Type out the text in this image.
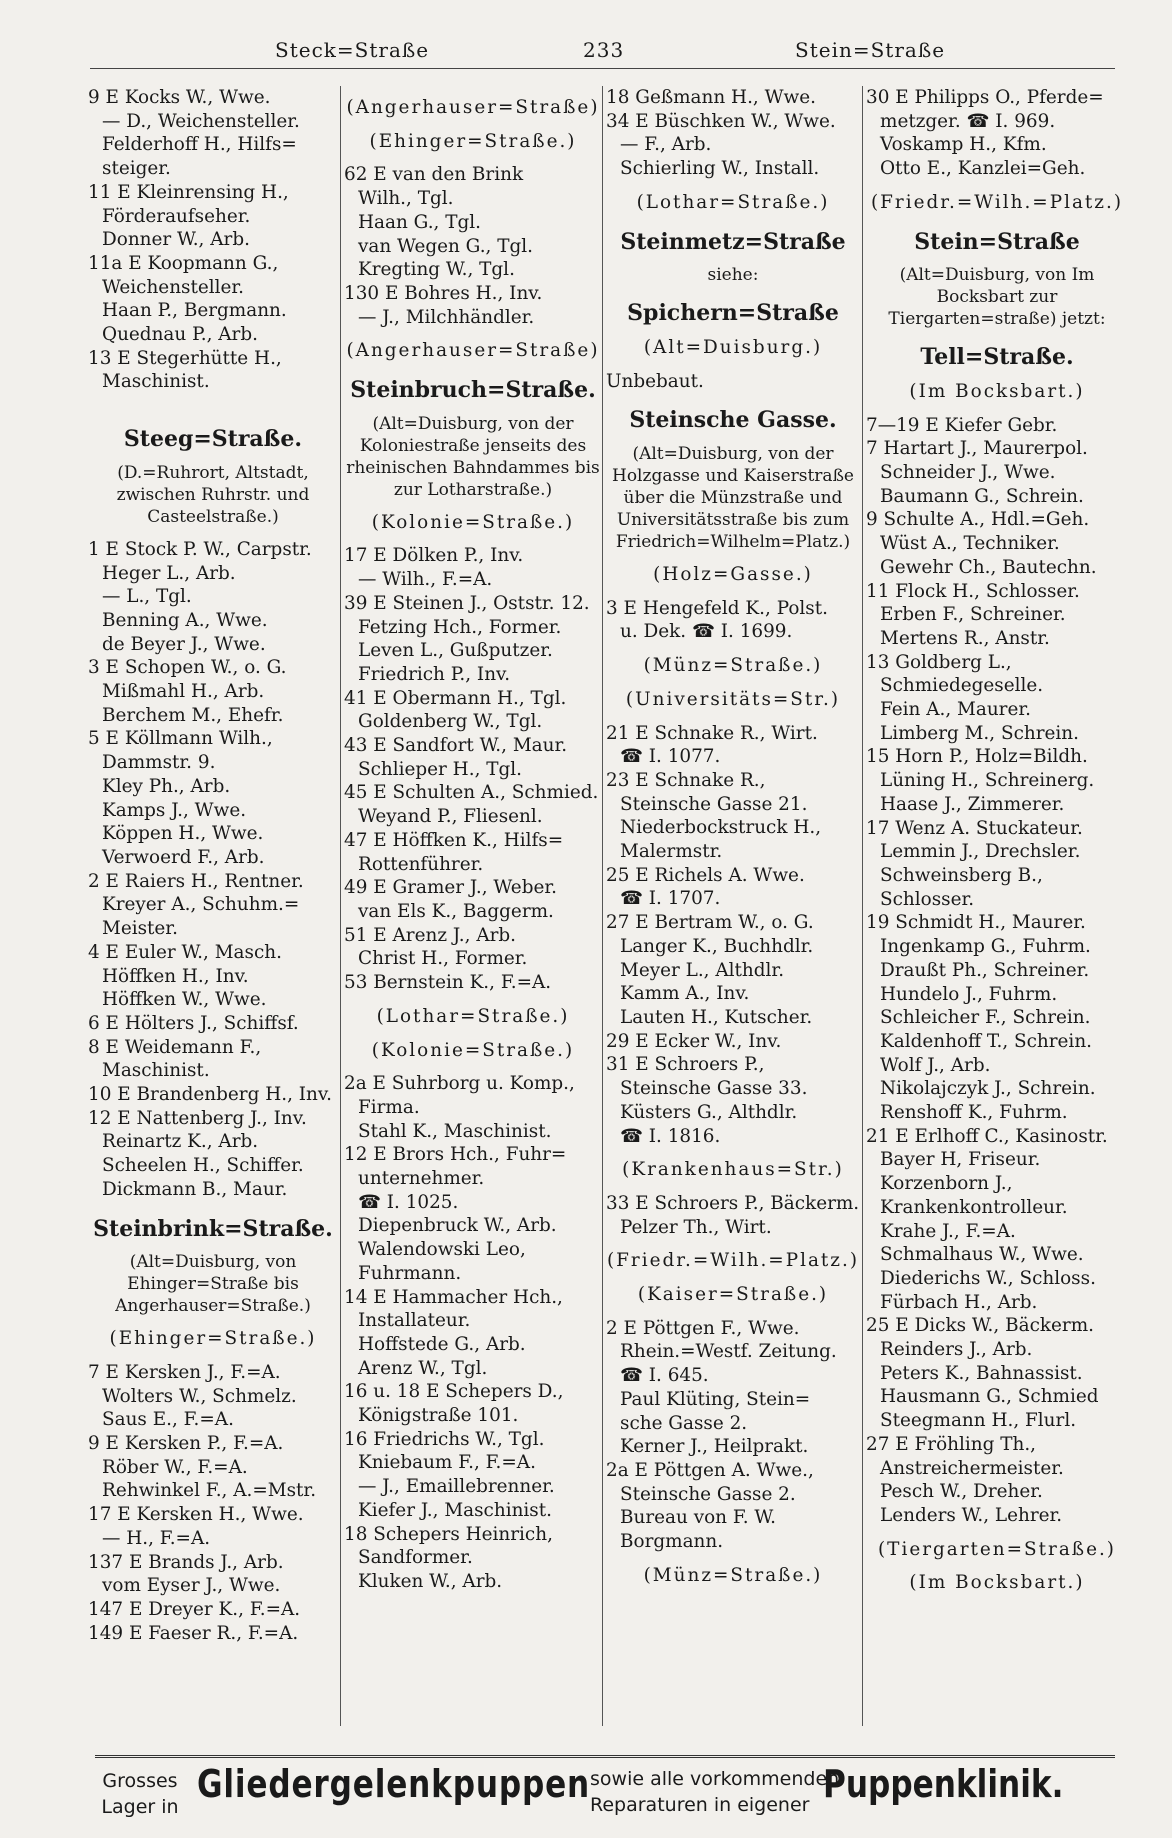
Steck=Straße	233	Stein=Straße
9 E Kocks W., Wwe.
— D., Weichensteller.
Felderhoff H., Hilfs=
steiger.
11 E Kleinrensing H.,
Förderaufseher.
Donner W., Arb.
11a E Koopmann G.,
Weichensteller.
Haan P., Bergmann.
Quednau P., Arb.
13 E Stegerhütte H.,
Maschinist.
Steeg=Straße.
(D.=Ruhrort, Altstadt, zwischen Ruhrstr. und Casteelstraße.)
1 E Stock P. W., Carpstr.
Heger L., Arb.
— L., Tgl.
Benning A., Wwe.
de Beyer J., Wwe.
3 E Schopen W., o. G.
Mißmahl H., Arb.
Berchem M., Ehefr.
5 E Köllmann Wilh.,
Dammstr. 9.
Kley Ph., Arb.
Kamps J., Wwe.
Köppen H., Wwe.
Verwoerd F., Arb.
2 E Raiers H., Rentner.
Kreyer A., Schuhm.=
Meister.
4 E Euler W., Masch.
Höffken H., Inv.
Höffken W., Wwe.
6 E Hölters J., Schiffsf.
8 E Weidemann F.,
Maschinist.
10 E Brandenberg H., Inv.
12 E Nattenberg J., Inv.
Reinartz K., Arb.
Scheelen H., Schiffer.
Dickmann B., Maur.
Steinbrink=Straße.
(Alt=Duisburg, von Ehinger=Straße bis Angerhauser=Straße.)
(Ehinger=Straße.)
7 E Kersken J., F.=A.
Wolters W., Schmelz.
Saus E., F.=A.
9 E Kersken P., F.=A.
Röber W., F.=A.
Rehwinkel F., A.=Mstr.
17 E Kersken H., Wwe.
— H., F.=A.
137 E Brands J., Arb.
vom Eyser J., Wwe.
147 E Dreyer K., F.=A.
149 E Faeser R., F.=A.
(Angerhauser=Straße)
(Ehinger=Straße.)
62 E van den Brink
Wilh., Tgl.
Haan G., Tgl.
van Wegen G., Tgl.
Kregting W., Tgl.
130 E Bohres H., Inv.
— J., Milchhändler.
(Angerhauser=Straße)
Steinbruch=Straße.
(Alt=Duisburg, von der Koloniestraße jenseits des rheinischen Bahndammes bis zur Lotharstraße.)
(Kolonie=Straße.)
17 E Dölken P., Inv.
— Wilh., F.=A.
39 E Steinen J., Oststr. 12.
Fetzing Hch., Former.
Leven L., Gußputzer.
Friedrich P., Inv.
41 E Obermann H., Tgl.
Goldenberg W., Tgl.
43 E Sandfort W., Maur.
Schlieper H., Tgl.
45 E Schulten A., Schmied.
Weyand P., Fliesenl.
47 E Höffken K., Hilfs=
Rottenführer.
49 E Gramer J., Weber.
van Els K., Baggerm.
51 E Arenz J., Arb.
Christ H., Former.
53 Bernstein K., F.=A.
(Lothar=Straße.)
(Kolonie=Straße.)
2a E Suhrborg u. Komp.,
Firma.
Stahl K., Maschinist.
12 E Brors Hch., Fuhr=
unternehmer.
☎ I. 1025.
Diepenbruck W., Arb.
Walendowski Leo,
Fuhrmann.
14 E Hammacher Hch.,
Installateur.
Hoffstede G., Arb.
Arenz W., Tgl.
16 u. 18 E Schepers D.,
Königstraße 101.
16 Friedrichs W., Tgl.
Kniebaum F., F.=A.
— J., Emaillebrenner.
Kiefer J., Maschinist.
18 Schepers Heinrich,
Sandformer.
Kluken W., Arb.
18 Geßmann H., Wwe.
34 E Büschken W., Wwe.
— F., Arb.
Schierling W., Install.
(Lothar=Straße.)
Steinmetz=Straße
siehe:
Spichern=Straße
(Alt=Duisburg.)
Unbebaut.
Steinsche Gasse.
(Alt=Duisburg, von der Holzgasse und Kaiserstraße über die Münzstraße und Universitätsstraße bis zum Friedrich=Wilhelm=Platz.)
(Holz=Gasse.)
3 E Hengefeld K., Polst.
u. Dek. ☎ I. 1699.
(Münz=Straße.)
(Universitäts=Str.)
21 E Schnake R., Wirt.
☎ I. 1077.
23 E Schnake R.,
Steinsche Gasse 21.
Niederbockstruck H.,
Malermstr.
25 E Richels A. Wwe.
☎ I. 1707.
27 E Bertram W., o. G.
Langer K., Buchhdlr.
Meyer L., Althdlr.
Kamm A., Inv.
Lauten H., Kutscher.
29 E Ecker W., Inv.
31 E Schroers P.,
Steinsche Gasse 33.
Küsters G., Althdlr.
☎ I. 1816.
(Krankenhaus=Str.)
33 E Schroers P., Bäckerm.
Pelzer Th., Wirt.
(Friedr.=Wilh.=Platz.)
(Kaiser=Straße.)
2 E Pöttgen F., Wwe.
Rhein.=Westf. Zeitung.
☎ I. 645.
Paul Klüting, Stein=
sche Gasse 2.
Kerner J., Heilprakt.
2a E Pöttgen A. Wwe.,
Steinsche Gasse 2.
Bureau von F. W.
Borgmann.
(Münz=Straße.)
30 E Philipps O., Pferde=
metzger. ☎ I. 969.
Voskamp H., Kfm.
Otto E., Kanzlei=Geh.
(Friedr.=Wilh.=Platz.)
Stein=Straße
(Alt=Duisburg, von Im Bocksbart zur Tiergarten=straße) jetzt:
Tell=Straße.
(Im Bocksbart.)
7—19 E Kiefer Gebr.
7 Hartart J., Maurerpol.
Schneider J., Wwe.
Baumann G., Schrein.
9 Schulte A., Hdl.=Geh.
Wüst A., Techniker.
Gewehr Ch., Bautechn.
11 Flock H., Schlosser.
Erben F., Schreiner.
Mertens R., Anstr.
13 Goldberg L.,
Schmiedegeselle.
Fein A., Maurer.
Limberg M., Schrein.
15 Horn P., Holz=Bildh.
Lüning H., Schreinerg.
Haase J., Zimmerer.
17 Wenz A. Stuckateur.
Lemmin J., Drechsler.
Schweinsberg B.,
Schlosser.
19 Schmidt H., Maurer.
Ingenkamp G., Fuhrm.
Draußt Ph., Schreiner.
Hundelo J., Fuhrm.
Schleicher F., Schrein.
Kaldenhoff T., Schrein.
Wolf J., Arb.
Nikolajczyk J., Schrein.
Renshoff K., Fuhrm.
21 E Erlhoff C., Kasinostr.
Bayer H, Friseur.
Korzenborn J.,
Krankenkontrolleur.
Krahe J., F.=A.
Schmalhaus W., Wwe.
Diederichs W., Schloss.
Fürbach H., Arb.
25 E Dicks W., Bäckerm.
Reinders J., Arb.
Peters K., Bahnassist.
Hausmann G., Schmied
Steegmann H., Flurl.
27 E Fröhling Th.,
Anstreichermeister.
Pesch W., Dreher.
Lenders W., Lehrer.
(Tiergarten=Straße.)
(Im Bocksbart.)
Grosses
Lager in
Gliedergelenkpuppen sowie alle vorkommenden
Reparaturen in eigener Puppenklinik.
